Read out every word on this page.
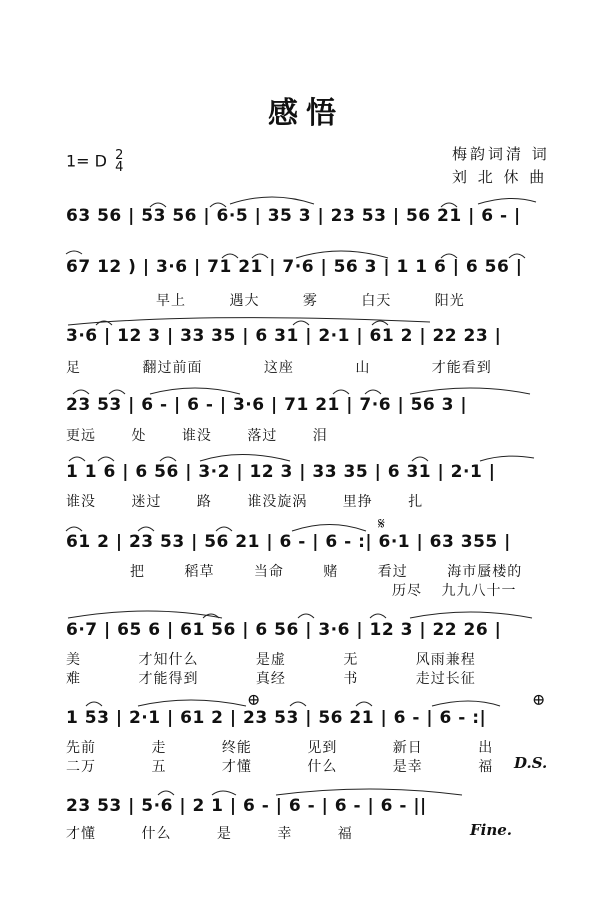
感悟
1= D 2
4
梅韵词清 词
刘 北 休 曲
63 56 | 53 56 | 6·5 | 35 3 | 23 53 | 56 21 | 6 - |
67 12 ) | 3·6 | 71 21 | 7·6 | 56 3 | 1 1 6 | 6 56 |
早上 遇大 雾 白天 阳光
3·6 | 12 3 | 33 35 | 6 31 | 2·1 | 61 2 | 22 23 |
足 翻过前面 这座 山 才能看到
23 53 | 6 - | 6 - | 3·6 | 71 21 | 7·6 | 56 3 |
更远 处 谁没 落过 泪
1 1 6 | 6 56 | 3·2 | 12 3 | 33 35 | 6 31 | 2·1 |
谁没 迷过 路 谁没旋涡 里挣 扎
𝄋
61 2 | 23 53 | 56 21 | 6 - | 6 - :| 6·1 | 63 355 |
把 稻草 当命 赌 看过 海市蜃楼的
历尽 九九八十一
6·7 | 65 6 | 61 56 | 6 56 | 3·6 | 12 3 | 22 26 |
美 才知什么 是虚 无 风雨兼程
难 才能得到 真经 书 走过长征
⊕	⊕
1 53 | 2·1 | 61 2 | 23 53 | 56 21 | 6 - | 6 - :|
先前 走 终能 见到 新日 出
二万 五 才懂 什么 是幸 福	D.S.
23 53 | 5·6 | 2 1 | 6 - | 6 - | 6 - | 6 - ||
才懂 什么 是 幸 福	Fine.
